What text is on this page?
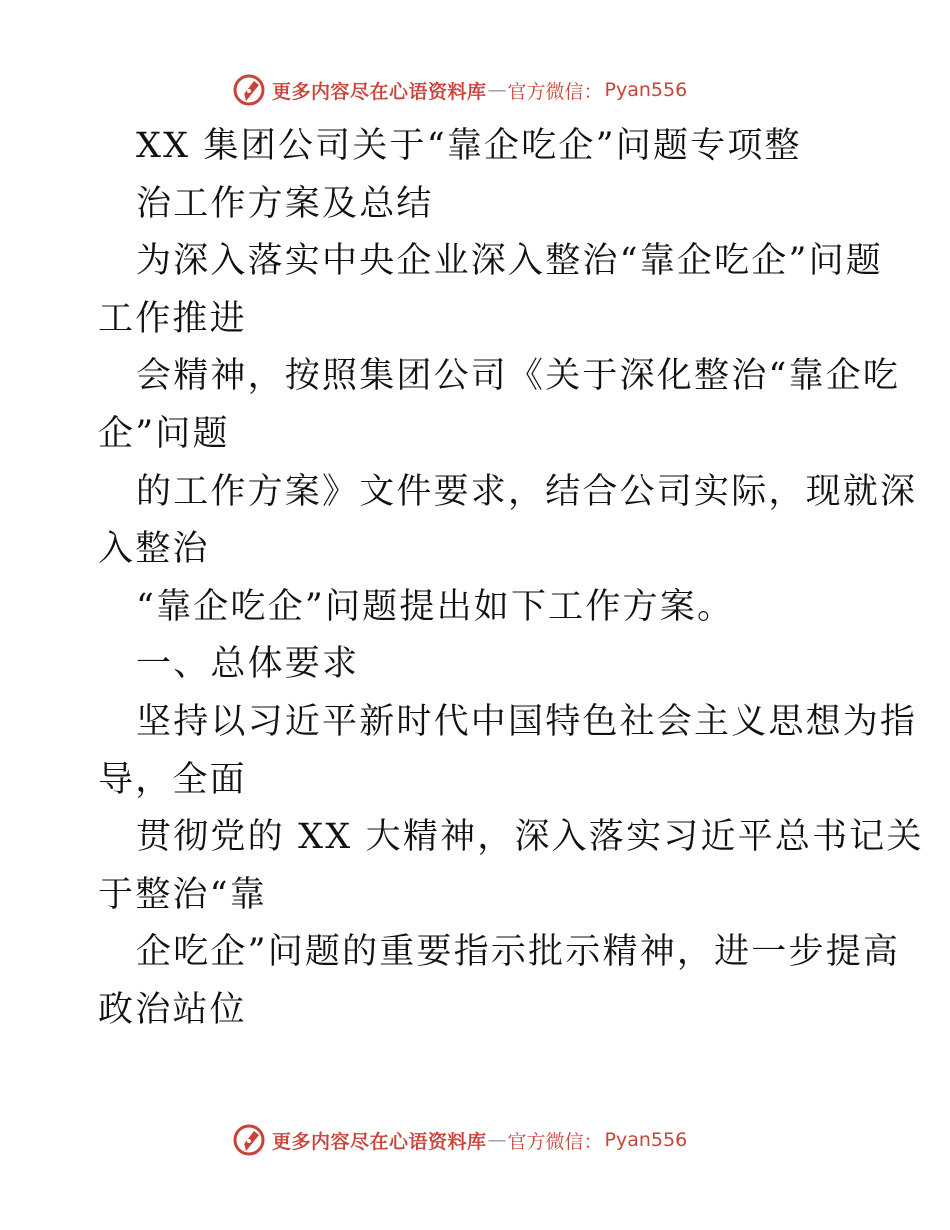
更多内容尽在心语资料库 — 官方微信： Pyan556
XX 集团公司关于“靠企吃企”问题专项整
治工作方案及总结
为深入落实中央企业深入整治“靠企吃企”问题
工作推进
会精神，按照集团公司《关于深化整治“靠企吃
企”问题
的工作方案》文件要求，结合公司实际，现就深
入整治
“靠企吃企”问题提出如下工作方案。
一、总体要求
坚持以习近平新时代中国特色社会主义思想为指
导，全面
贯彻党的 XX 大精神，深入落实习近平总书记关
于整治“靠
企吃企”问题的重要指示批示精神，进一步提高
政治站位
更多内容尽在心语资料库 — 官方微信： Pyan556
